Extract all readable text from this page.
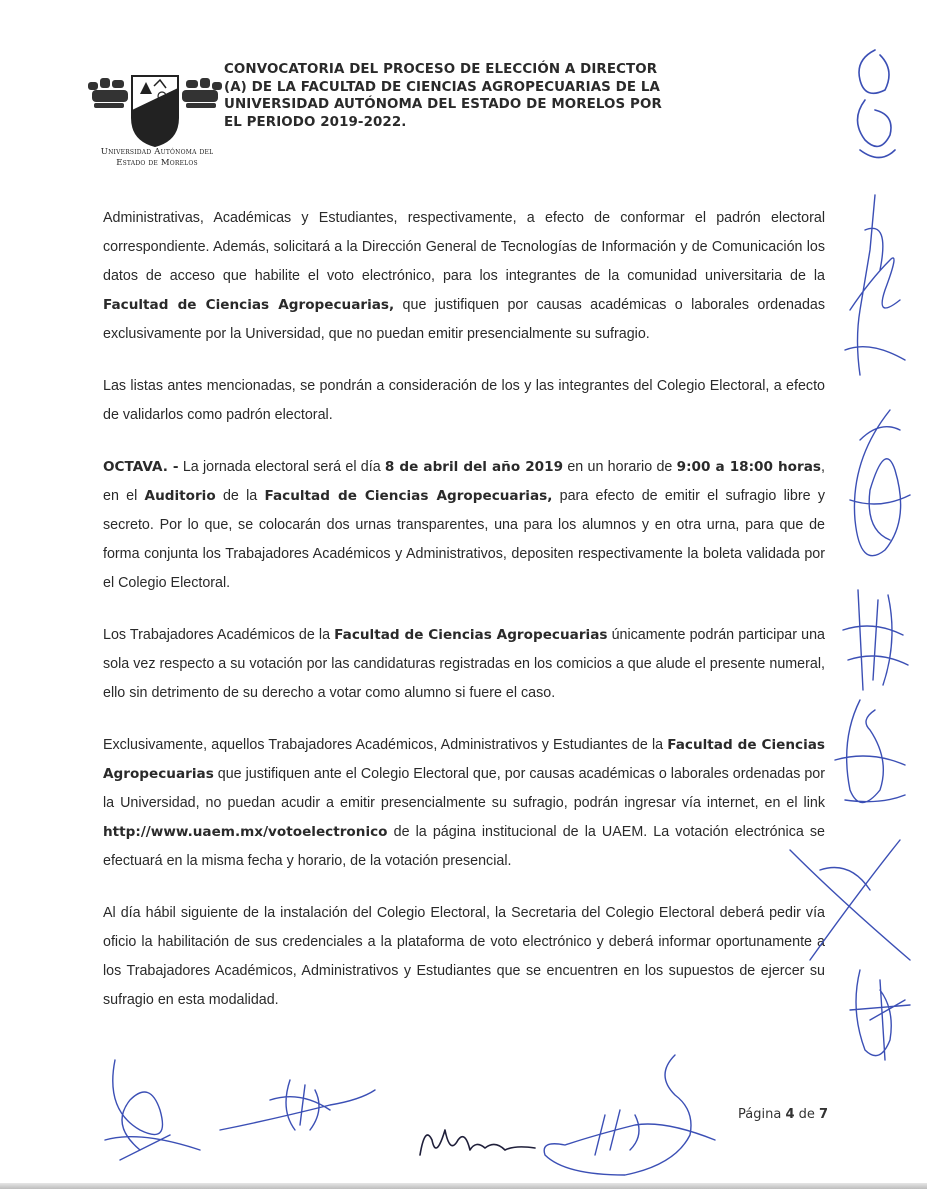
Universidad Autónoma del
Estado de Morelos
CONVOCATORIA DEL PROCESO DE ELECCIÓN A DIRECTOR
(A) DE LA FACULTAD DE CIENCIAS AGROPECUARIAS DE LA
UNIVERSIDAD AUTÓNOMA DEL ESTADO DE MORELOS POR
EL PERIODO 2019-2022.

Administrativas, Académicas y Estudiantes, respectivamente, a efecto de conformar el padrón electoral correspondiente. Además, solicitará a la Dirección General de Tecnologías de Información y de Comunicación los datos de acceso que habilite el voto electrónico, para los integrantes de la comunidad universitaria de la Facultad de Ciencias Agropecuarias, que justifiquen por causas académicas o laborales ordenadas exclusivamente por la Universidad, que no puedan emitir presencialmente su sufragio.

Las listas antes mencionadas, se pondrán a consideración de los y las integrantes del Colegio Electoral, a efecto de validarlos como padrón electoral.

OCTAVA. - La jornada electoral será el día 8 de abril del año 2019 en un horario de 9:00 a 18:00 horas, en el Auditorio de la Facultad de Ciencias Agropecuarias, para efecto de emitir el sufragio libre y secreto. Por lo que, se colocarán dos urnas transparentes, una para los alumnos y en otra urna, para que de forma conjunta los Trabajadores Académicos y Administrativos, depositen respectivamente la boleta validada por el Colegio Electoral.

Los Trabajadores Académicos de la Facultad de Ciencias Agropecuarias únicamente podrán participar una sola vez respecto a su votación por las candidaturas registradas en los comicios a que alude el presente numeral, ello sin detrimento de su derecho a votar como alumno si fuere el caso.

Exclusivamente, aquellos Trabajadores Académicos, Administrativos y Estudiantes de la Facultad de Ciencias Agropecuarias que justifiquen ante el Colegio Electoral que, por causas académicas o laborales ordenadas por la Universidad, no puedan acudir a emitir presencialmente su sufragio, podrán ingresar vía internet, en el link http://www.uaem.mx/votoelectronico de la página institucional de la UAEM. La votación electrónica se efectuará en la misma fecha y horario, de la votación presencial.

Al día hábil siguiente de la instalación del Colegio Electoral, la Secretaria del Colegio Electoral deberá pedir vía oficio la habilitación de sus credenciales a la plataforma de voto electrónico y deberá informar oportunamente a los Trabajadores Académicos, Administrativos y Estudiantes que se encuentren en los supuestos de ejercer su sufragio en esta modalidad.

Página 4 de 7
